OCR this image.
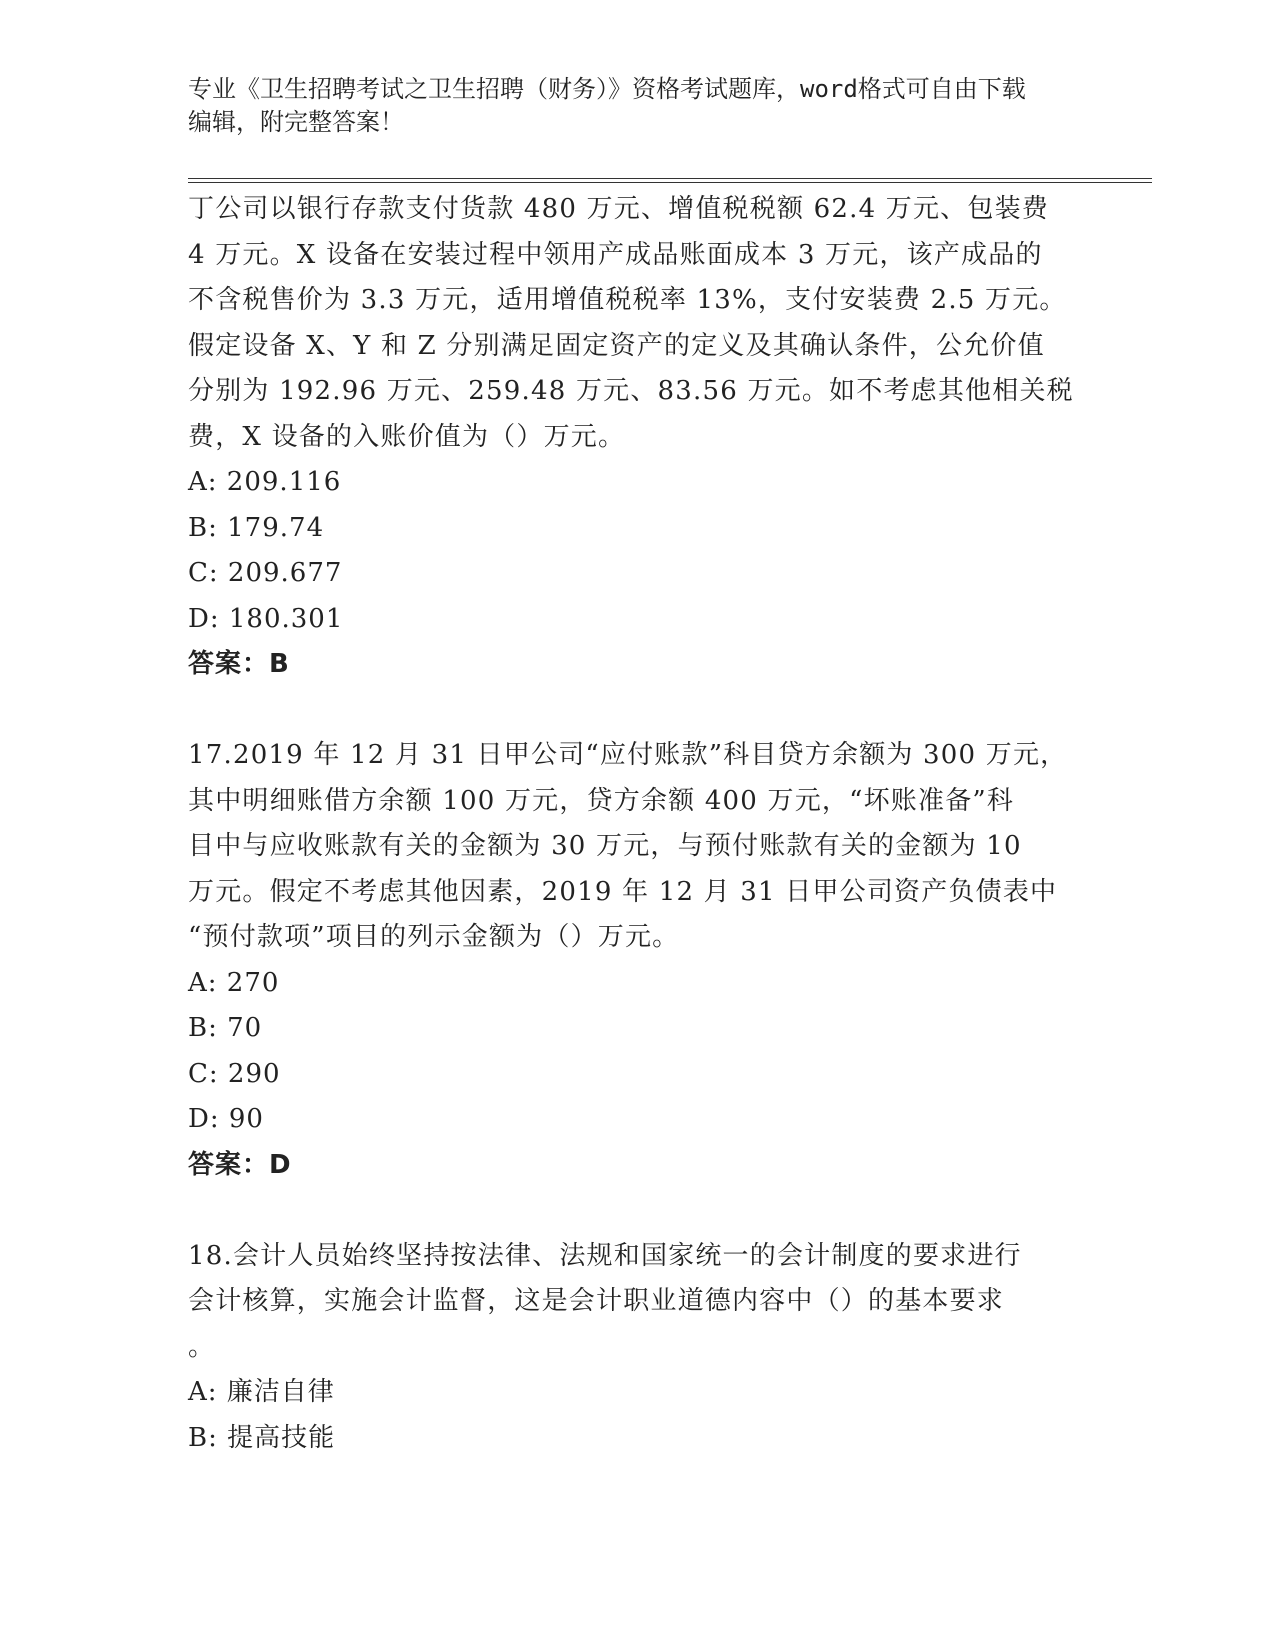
专业《卫生招聘考试之卫生招聘（财务）》资格考试题库，word格式可自由下载
编辑，附完整答案！
丁公司以银行存款支付货款 480 万元、增值税税额 62.4 万元、包装费
4 万元。X 设备在安装过程中领用产成品账面成本 3 万元，该产成品的
不含税售价为 3.3 万元，适用增值税税率 13%，支付安装费 2.5 万元。
假定设备 X、Y 和 Z 分别满足固定资产的定义及其确认条件，公允价值
分别为 192.96 万元、259.48 万元、83.56 万元。如不考虑其他相关税
费，X 设备的入账价值为（）万元。
A: 209.116
B: 179.74
C: 209.677
D: 180.301
答案：B
17.2019 年 12 月 31 日甲公司“应付账款”科目贷方余额为 300 万元，
其中明细账借方余额 100 万元，贷方余额 400 万元，“坏账准备”科
目中与应收账款有关的金额为 30 万元，与预付账款有关的金额为 10
万元。假定不考虑其他因素，2019 年 12 月 31 日甲公司资产负债表中
“预付款项”项目的列示金额为（）万元。
A: 270
B: 70
C: 290
D: 90
答案：D
18.会计人员始终坚持按法律、法规和国家统一的会计制度的要求进行
会计核算，实施会计监督，这是会计职业道德内容中（）的基本要求
。
A: 廉洁自律
B: 提高技能
